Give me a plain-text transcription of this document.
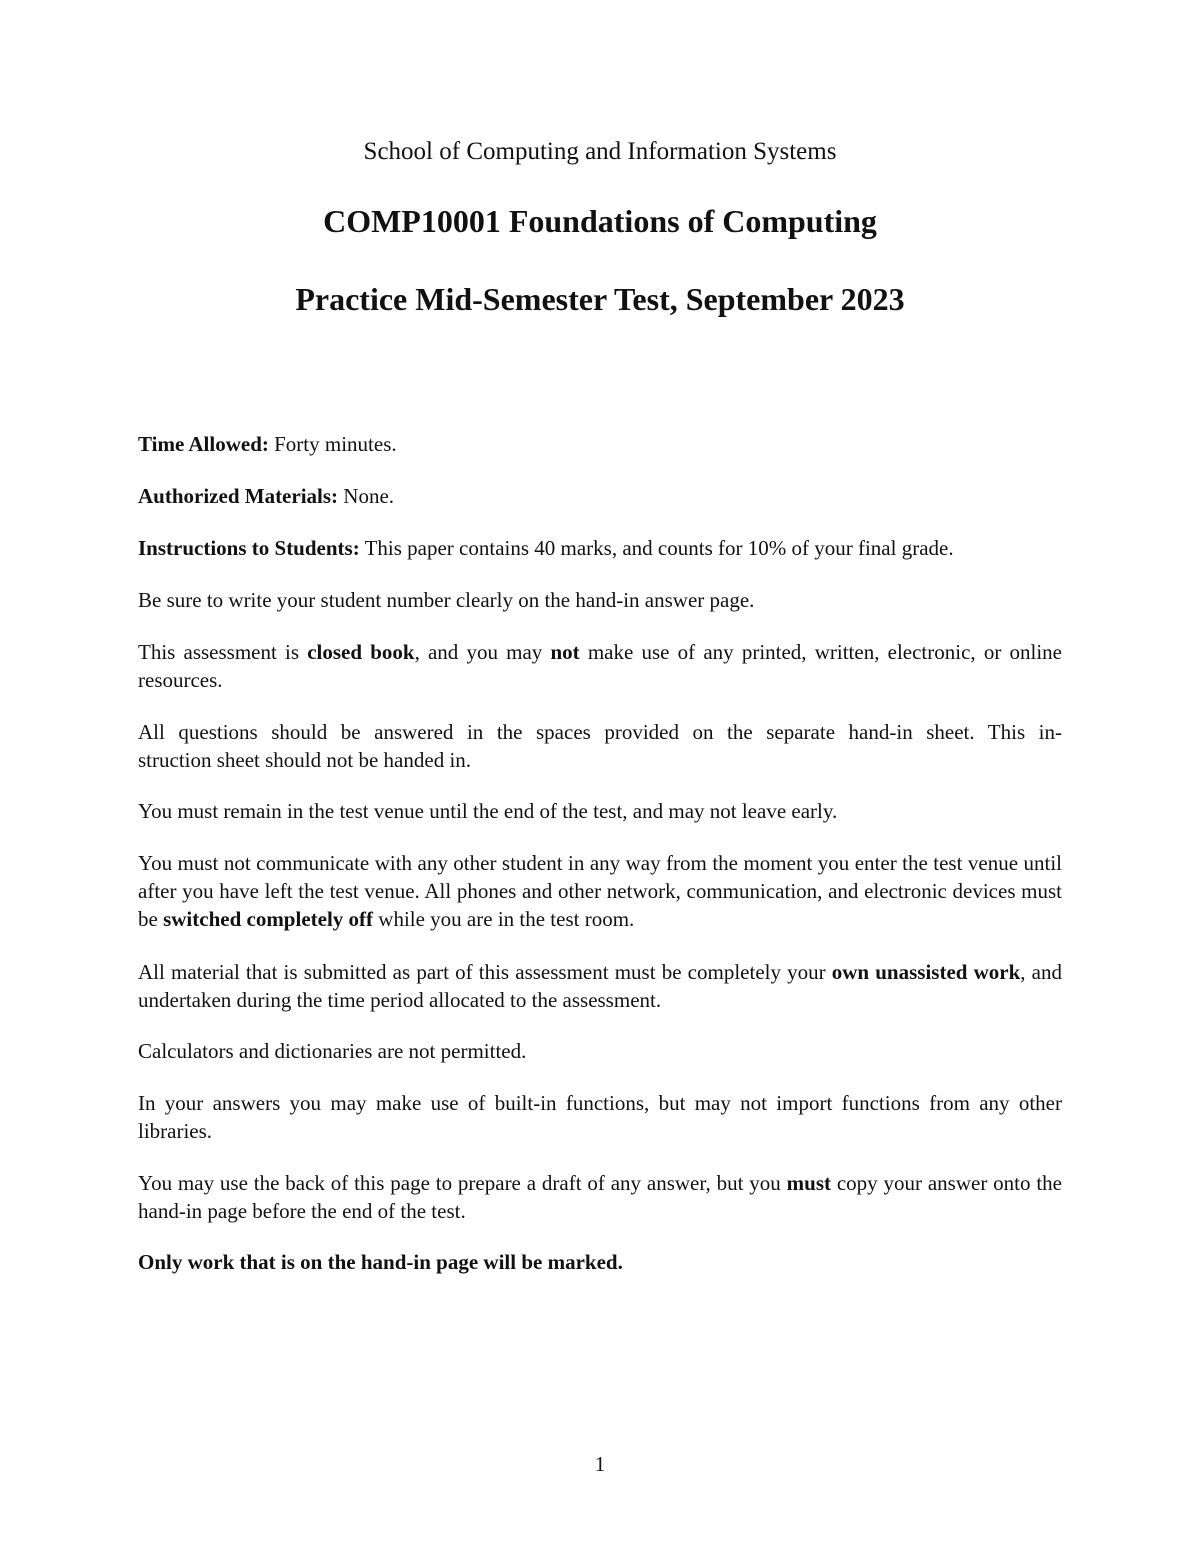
School of Computing and Information Systems
COMP10001 Foundations of Computing
Practice Mid-Semester Test, September 2023

Time Allowed: Forty minutes.

Authorized Materials: None.

Instructions to Students: This paper contains 40 marks, and counts for 10% of your final grade.

Be sure to write your student number clearly on the hand-in answer page.

This assessment is closed book, and you may not make use of any printed, written, electronic, or online resources.

All questions should be answered in the spaces provided on the separate hand-in sheet. This in-
struction sheet should not be handed in.

You must remain in the test venue until the end of the test, and may not leave early.

You must not communicate with any other student in any way from the moment you enter the test venue until after you have left the test venue. All phones and other network, communication, and electronic devices must be switched completely off while you are in the test room.

All material that is submitted as part of this assessment must be completely your own unassisted work, and undertaken during the time period allocated to the assessment.

Calculators and dictionaries are not permitted.

In your answers you may make use of built-in functions, but may not import functions from any other libraries.

You may use the back of this page to prepare a draft of any answer, but you must copy your answer onto the hand-in page before the end of the test.

Only work that is on the hand-in page will be marked.

1
